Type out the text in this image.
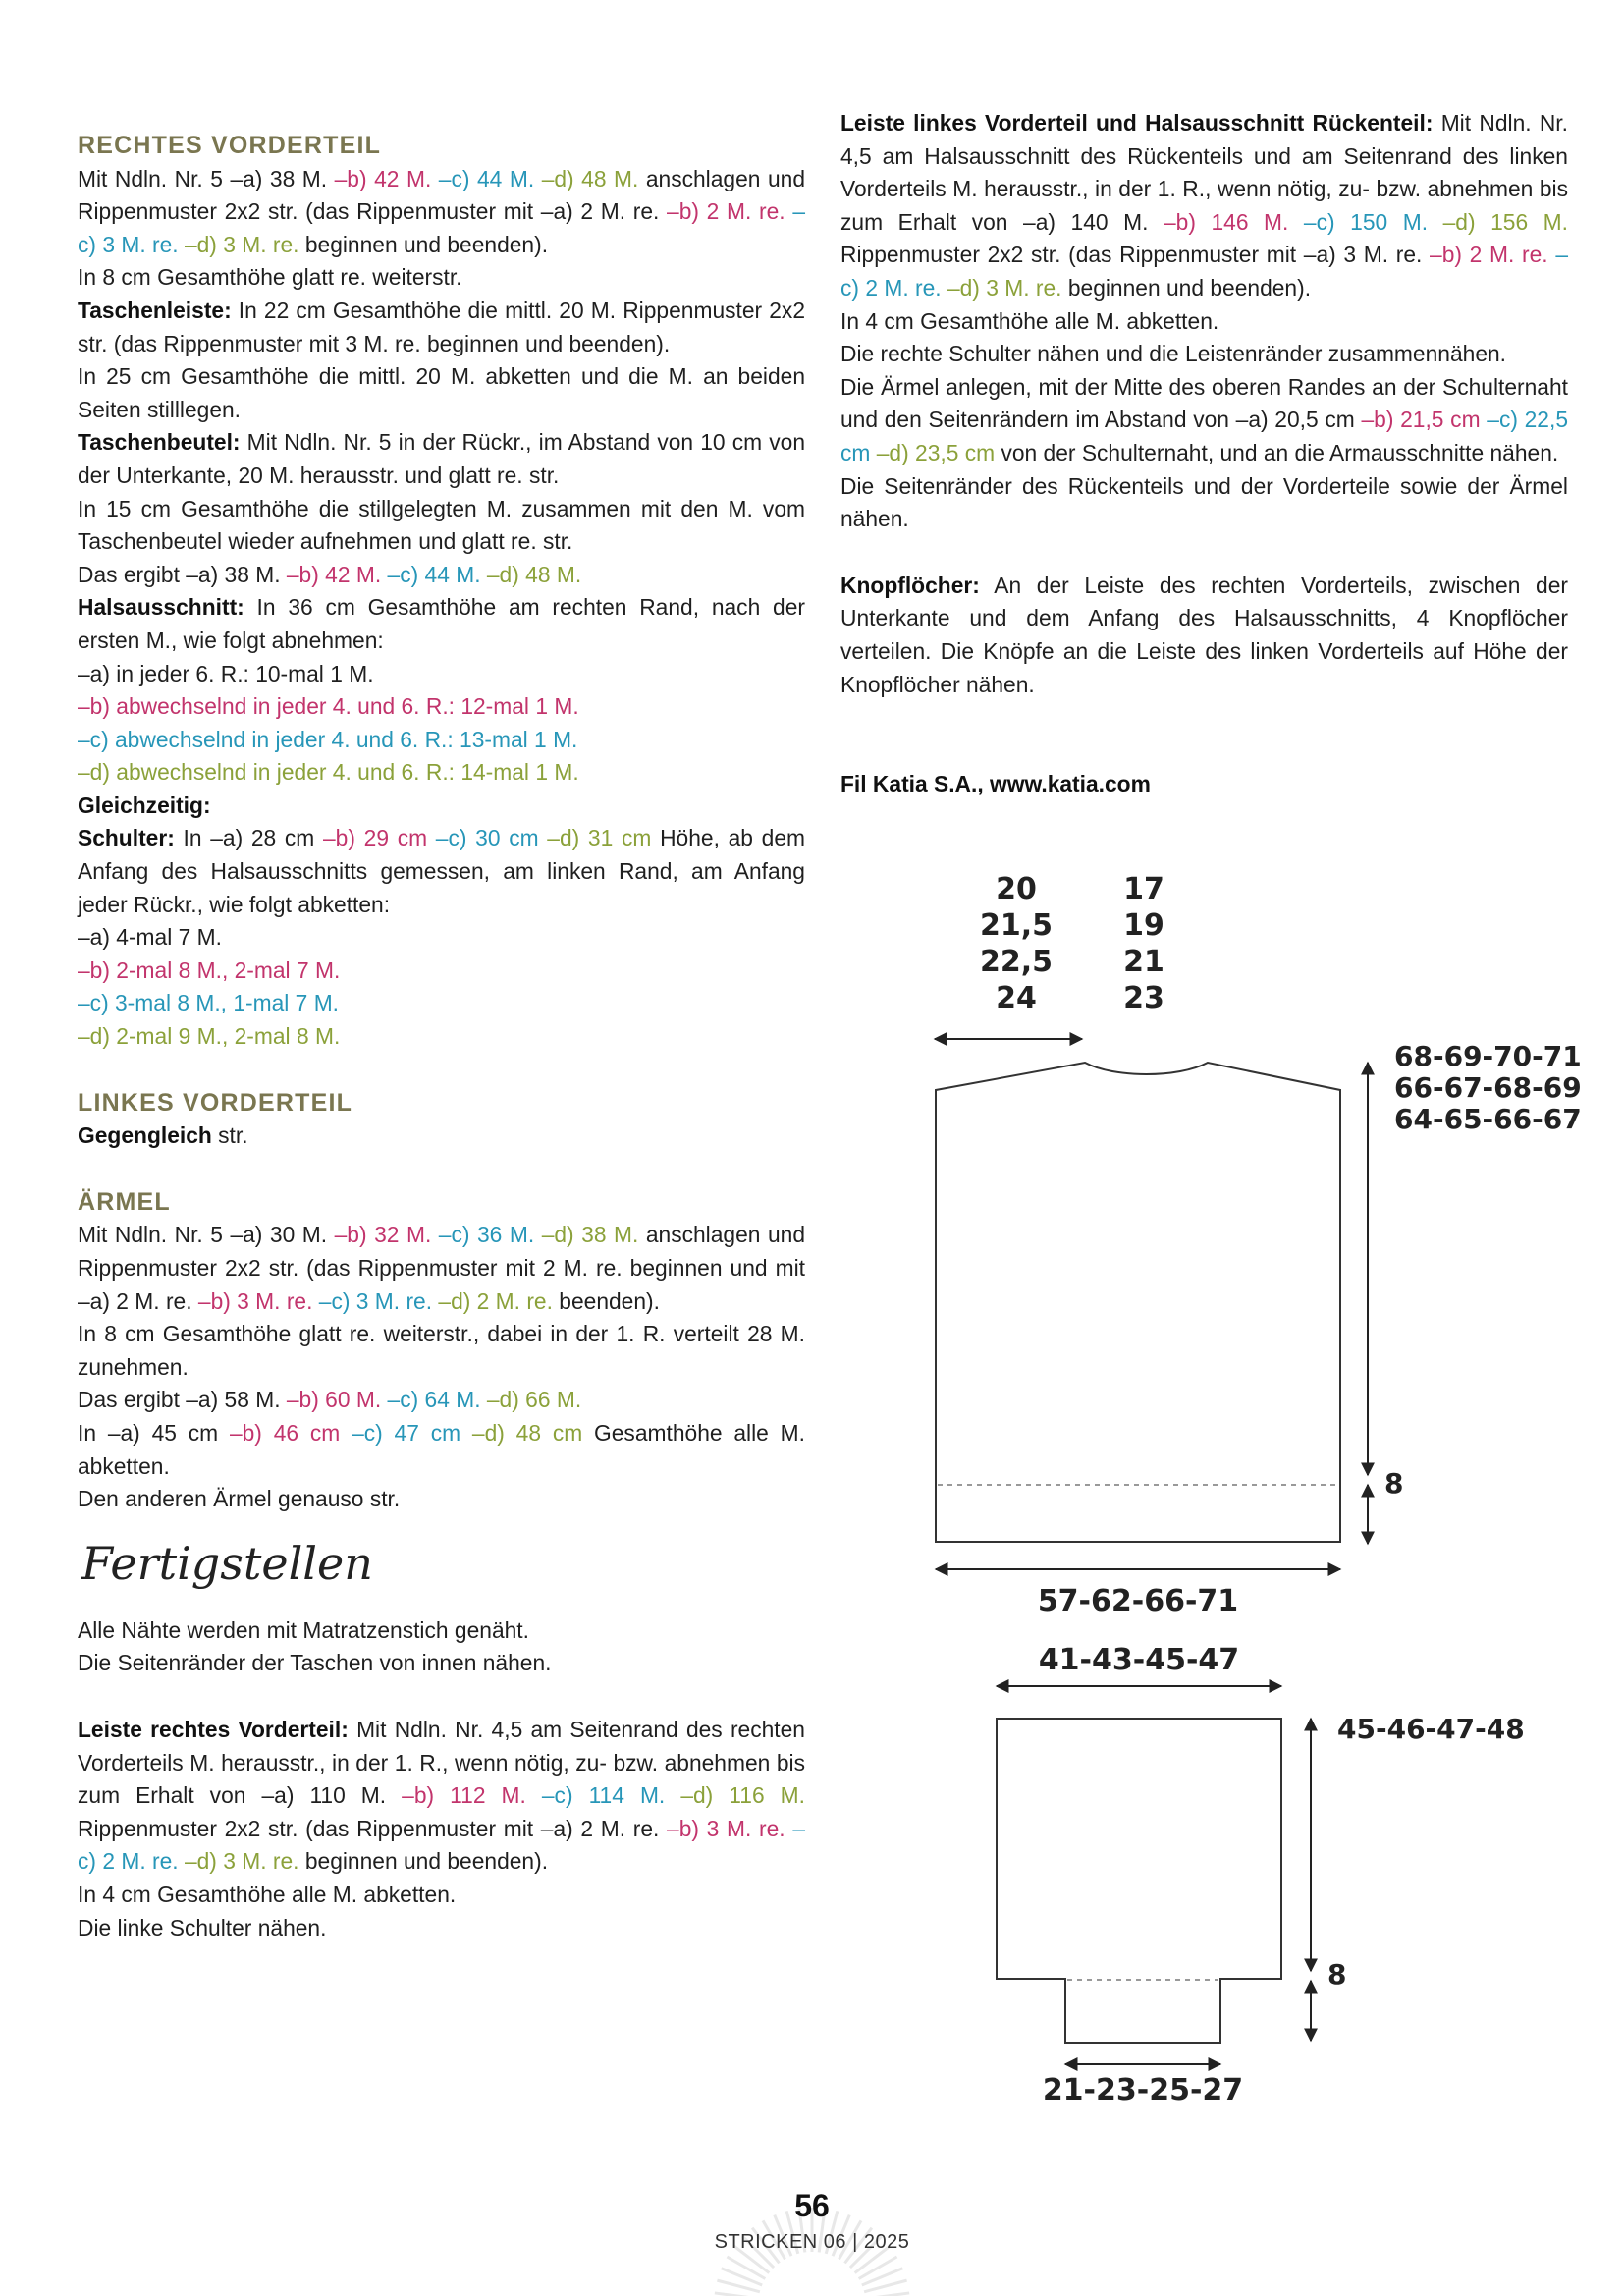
RECHTES VORDERTEIL

Mit Ndln. Nr. 5 –a) 38 M. –b) 42 M. –c) 44 M. –d) 48 M. anschlagen und Rippenmuster 2x2 str. (das Rippenmuster mit –a) 2 M. re. –b) 2 M. re. –c) 3 M. re. –d) 3 M. re. beginnen und beenden).

In 8 cm Gesamthöhe glatt re. weiterstr.

Taschenleiste: In 22 cm Gesamthöhe die mittl. 20 M. Rippenmuster 2x2 str. (das Rippenmuster mit 3 M. re. beginnen und beenden).

In 25 cm Gesamthöhe die mittl. 20 M. abketten und die M. an beiden Seiten stilllegen.

Taschenbeutel: Mit Ndln. Nr. 5 in der Rückr., im Abstand von 10 cm von der Unterkante, 20 M. herausstr. und glatt re. str.

In 15 cm Gesamthöhe die stillgelegten M. zusammen mit den M. vom Taschenbeutel wieder aufnehmen und glatt re. str.

Das ergibt –a) 38 M. –b) 42 M. –c) 44 M. –d) 48 M.

Halsausschnitt: In 36 cm Gesamthöhe am rechten Rand, nach der ersten M., wie folgt abnehmen:

–a) in jeder 6. R.: 10-mal 1 M.

–b) abwechselnd in jeder 4. und 6. R.: 12-mal 1 M.

–c) abwechselnd in jeder 4. und 6. R.: 13-mal 1 M.

–d) abwechselnd in jeder 4. und 6. R.: 14-mal 1 M.

Gleichzeitig:

Schulter: In –a) 28 cm –b) 29 cm –c) 30 cm –d) 31 cm Höhe, ab dem Anfang des Halsausschnitts gemessen, am linken Rand, am Anfang jeder Rückr., wie folgt abketten:

–a) 4-mal 7 M.

–b) 2-mal 8 M., 2-mal 7 M.

–c) 3-mal 8 M., 1-mal 7 M.

–d) 2-mal 9 M., 2-mal 8 M.

LINKES VORDERTEIL

Gegengleich str.

ÄRMEL

Mit Ndln. Nr. 5 –a) 30 M. –b) 32 M. –c) 36 M. –d) 38 M. anschlagen und Rippenmuster 2x2 str. (das Rippenmuster mit 2 M. re. beginnen und mit –a) 2 M. re. –b) 3 M. re. –c) 3 M. re. –d) 2 M. re. beenden).

In 8 cm Gesamthöhe glatt re. weiterstr., dabei in der 1. R. verteilt 28 M. zunehmen.

Das ergibt –a) 58 M. –b) 60 M. –c) 64 M. –d) 66 M.

In –a) 45 cm –b) 46 cm –c) 47 cm –d) 48 cm Gesamthöhe alle M. abketten.

Den anderen Ärmel genauso str.

Fertigstellen

Alle Nähte werden mit Matratzenstich genäht.

Die Seitenränder der Taschen von innen nähen.

Leiste rechtes Vorderteil: Mit Ndln. Nr. 4,5 am Seitenrand des rechten Vorderteils M. herausstr., in der 1. R., wenn nötig, zu- bzw. abnehmen bis zum Erhalt von –a) 110 M. –b) 112 M. –c) 114 M. –d) 116 M. Rippenmuster 2x2 str. (das Rippenmuster mit –a) 2 M. re. –b) 3 M. re. –c) 2 M. re. –d) 3 M. re. beginnen und beenden).

In 4 cm Gesamthöhe alle M. abketten.

Die linke Schulter nähen.

Leiste linkes Vorderteil und Halsausschnitt Rückenteil: Mit Ndln. Nr. 4,5 am Halsausschnitt des Rückenteils und am Seitenrand des linken Vorderteils M. herausstr., in der 1. R., wenn nötig, zu- bzw. abnehmen bis zum Erhalt von –a) 140 M. –b) 146 M. –c) 150 M. –d) 156 M. Rippenmuster 2x2 str. (das Rippenmuster mit –a) 3 M. re. –b) 2 M. re. –c) 2 M. re. –d) 3 M. re. beginnen und beenden).

In 4 cm Gesamthöhe alle M. abketten.

Die rechte Schulter nähen und die Leistenränder zusammennähen.

Die Ärmel anlegen, mit der Mitte des oberen Randes an der Schulternaht und den Seitenrändern im Abstand von –a) 20,5 cm –b) 21,5 cm –c) 22,5 cm –d) 23,5 cm von der Schulternaht, und an die Armausschnitte nähen.

Die Seitenränder des Rückenteils und der Vorderteile sowie der Ärmel nähen.

Knopflöcher: An der Leiste des rechten Vorderteils, zwischen der Unterkante und dem Anfang des Halsausschnitts, 4 Knopflöcher verteilen. Die Knöpfe an die Leiste des linken Vorderteils auf Höhe der Knopflöcher nähen.

Fil Katia S.A., www.katia.com

20
21,5
22,5
24
17
19
21
23
68-69-70-71
66-67-68-69
64-65-66-67
8
57-62-66-71
41-43-45-47
45-46-47-48
8
21-23-25-27
56
STRICKEN 06 | 2025
